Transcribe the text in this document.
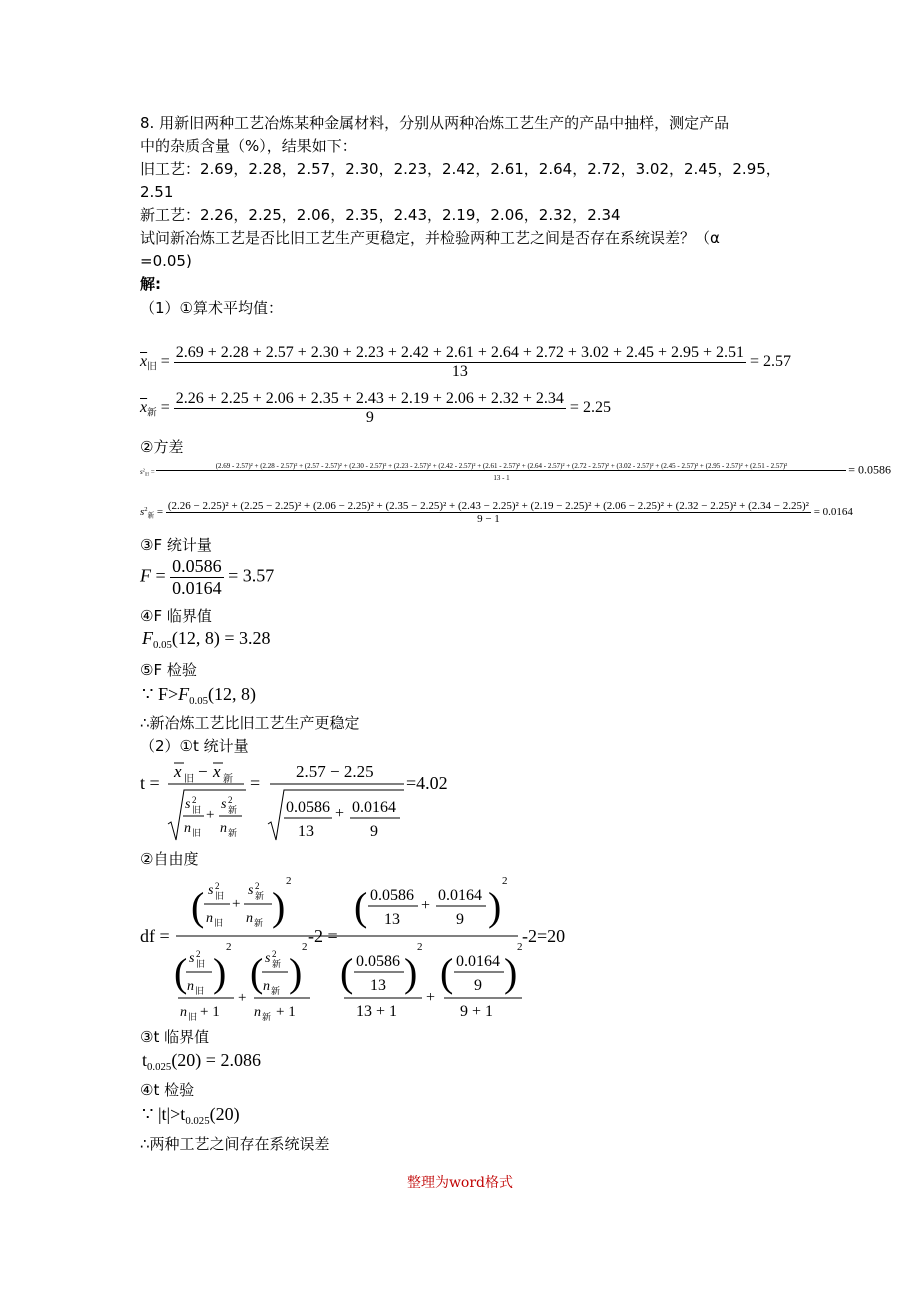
8. 用新旧两种工艺冶炼某种金属材料，分别从两种冶炼工艺生产的产品中抽样，测定产品
中的杂质含量（%），结果如下：
旧工艺：2.69，2.28，2.57，2.30，2.23，2.42，2.61，2.64，2.72，3.02，2.45，2.95，
2.51
新工艺：2.26，2.25，2.06，2.35，2.43，2.19，2.06，2.32，2.34
试问新冶炼工艺是否比旧工艺生产更稳定，并检验两种工艺之间是否存在系统误差？（α
=0.05)
解:
（1）①算术平均值：
$\overline{x}_旧$ =
2.69 + 2.28 + 2.57 + 2.30 + 2.23 + 2.42 + 2.61 + 2.64 + 2.72 + 3.02 + 2.45 + 2.95 + 2.51
13
= 2.57
$\overline{x}_新 = \frac{2.26 + 2.25 + 2.06 + 2.35 + 2.43 + 2.19 + 2.06 + 2.32 + 2.34}{9} = 2.25$
②方差
$s^2_旧$ =
(2.69 - 2.57)² + (2.28 - 2.57)² + (2.57 - 2.57)² + (2.30 - 2.57)² + (2.23 - 2.57)² + (2.42 - 2.57)² + (2.61 - 2.57)² + (2.64 - 2.57)² + (2.72 - 2.57)² + (3.02 - 2.57)² + (2.45 - 2.57)² + (2.95 - 2.57)² + (2.51 - 2.57)²
13 - 1
= 0.0586
$s^2_新$ =
(2.26 − 2.25)² + (2.25 − 2.25)² + (2.06 − 2.25)² + (2.35 − 2.25)² + (2.43 − 2.25)² + (2.19 − 2.25)² + (2.06 − 2.25)² + (2.32 − 2.25)² + (2.34 − 2.25)²
9 − 1
= 0.0164
③F 统计量
$F = \frac{0.0586}{0.0164} = 3.57$
④F 临界值
$F_{0.05}(12$, 8) = 3.28
⑤F 检验
∵ $F>F_{0.05}(12$, 8)
∴新冶炼工艺比旧工艺生产更稳定
（2）①t 统计量
t =
x 旧 − x 新
s 2
旧
n 旧
+
s 2
新
n 新
=
2.57 − 2.25
0.0586
13
+ 0.0164
9
=4.02
②自由度
df =
( s 2
旧
n 旧
+
s 2
新
n 新 )
2
( s 2
旧
n 旧 )
2
n 旧 + 1
+
( s 2
新
n 新 )
2
n 新 + 1
-2 =
( 0.0586
13
+
0.0164
9 )
2
( 0.0586
13 )
2
13 + 1
+
( 0.0164
9 )
2
9 + 1
-2=20
③t 临界值
$t_{0.025}(20) = 2.086$
④t 检验
∵ $|t|>t_{0.025}(20)$
∴两种工艺之间存在系统误差
整理为word格式
